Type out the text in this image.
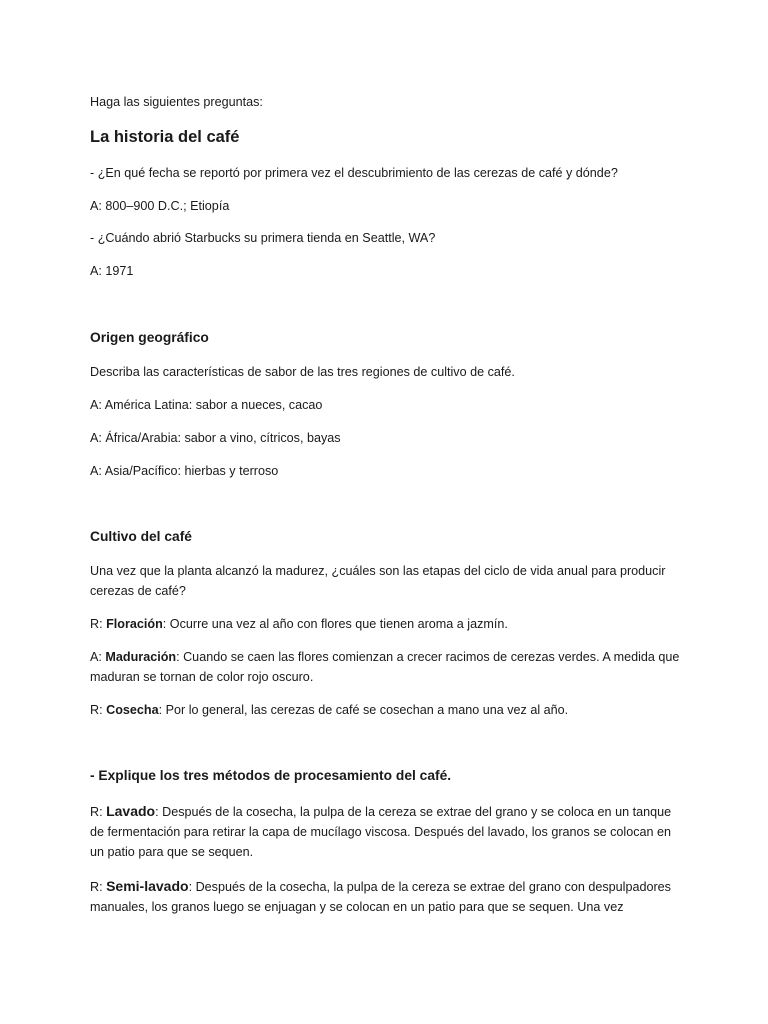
Haga las siguientes preguntas:

La historia del café

- ¿En qué fecha se reportó por primera vez el descubrimiento de las cerezas de café y dónde?

A: 800–900 D.C.; Etiopía

- ¿Cuándo abrió Starbucks su primera tienda en Seattle, WA?

A: 1971

Origen geográfico

Describa las características de sabor de las tres regiones de cultivo de café.

A: América Latina: sabor a nueces, cacao

A: África/Arabia: sabor a vino, cítricos, bayas

A: Asia/Pacífico: hierbas y terroso

Cultivo del café

Una vez que la planta alcanzó la madurez, ¿cuáles son las etapas del ciclo de vida anual para producir cerezas de café?

R: Floración: Ocurre una vez al año con flores que tienen aroma a jazmín.

A: Maduración: Cuando se caen las flores comienzan a crecer racimos de cerezas verdes. A medida que maduran se tornan de color rojo oscuro.

R: Cosecha: Por lo general, las cerezas de café se cosechan a mano una vez al año.

- Explique los tres métodos de procesamiento del café.

R: Lavado: Después de la cosecha, la pulpa de la cereza se extrae del grano y se coloca en un tanque de fermentación para retirar la capa de mucílago viscosa. Después del lavado, los granos se colocan en un patio para que se sequen.

R: Semi-lavado: Después de la cosecha, la pulpa de la cereza se extrae del grano con despulpadores manuales, los granos luego se enjuagan y se colocan en un patio para que se sequen. Una vez
